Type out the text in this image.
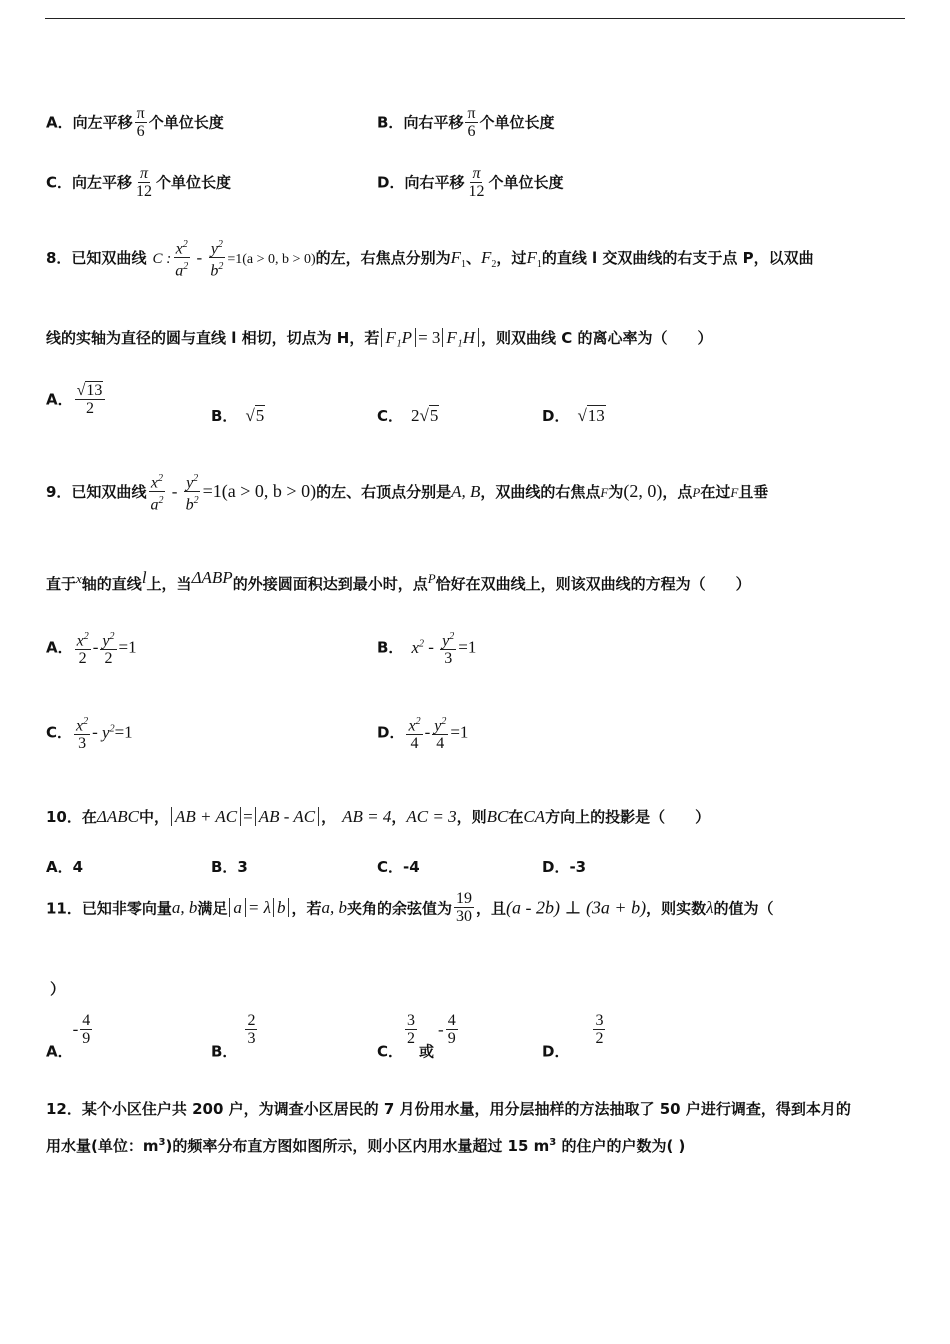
A．向左平移 $\frac{\pi}{6}$ 个单位长度	B．向右平移 $\frac{\pi}{6}$ 个单位长度
C．向左平移 $\frac{\pi}{12}$ 个单位长度	D．向右平移 $\frac{\pi}{12}$ 个单位长度
8．已知双曲线 C : $\frac{x^2}{a^2} - \frac{y^2}{b^2} =1(a > 0$, b > 0)的左，右焦点分别为$F_1$、$F_2$，过$F_1$的直线 l 交双曲线的右支于点 P，以双曲
线的实轴为直径的圆与直线 l 相切，切点为 H，若 F₁P = 3 F₁H ，则双曲线 C 的离心率为（　　）
A． $\frac{√13}{2}$	B． √5	C． 2√5	D． √13
9．已知双曲线 $\frac{x^2}{a^2} - \frac{y^2}{b^2} =1(a > 0$, b > 0)的左、右顶点分别是A, B，双曲线的右焦点F为(2, 0)，点P在过F且垂
直于x轴的直线l上，当ΔABP的外接圆面积达到最小时，点P恰好在双曲线上，则该双曲线的方程为（　　）
A． $\frac{x^2}{2} - \frac{y^2}{2} =1$	B． $x^2 - \frac{y^2}{3} =1$
C． $\frac{x^2}{3} - y^2=1$	D． $\frac{x^2}{4} - \frac{y^2}{4} =1$
10．在ΔABC中， AB + AC = AB - AC ， AB = 4，AC = 3，则BC在CA方向上的投影是（　　）
A．4	B．3	C．-4	D．-3
11．已知非零向量a, b满足 a = λ b ，若a, b夹角的余弦值为 $\frac{19}{30}$ ，且(a - 2b) ⊥ (3a + b)，则实数λ的值为（
）
A．- $\frac{4}{9}$
B．
$\frac{2}{3}$
C．
$\frac{3}{2}$
或- $\frac{4}{9}$
D．
$\frac{3}{2}$
12．某个小区住户共 200 户，为调查小区居民的 7 月份用水量，用分层抽样的方法抽取了 50 户进行调查，得到本月的
用水量(单位：$m^3$)的频率分布直方图如图所示，则小区内用水量超过 15 $m^3$ 的住户的户数为( )
